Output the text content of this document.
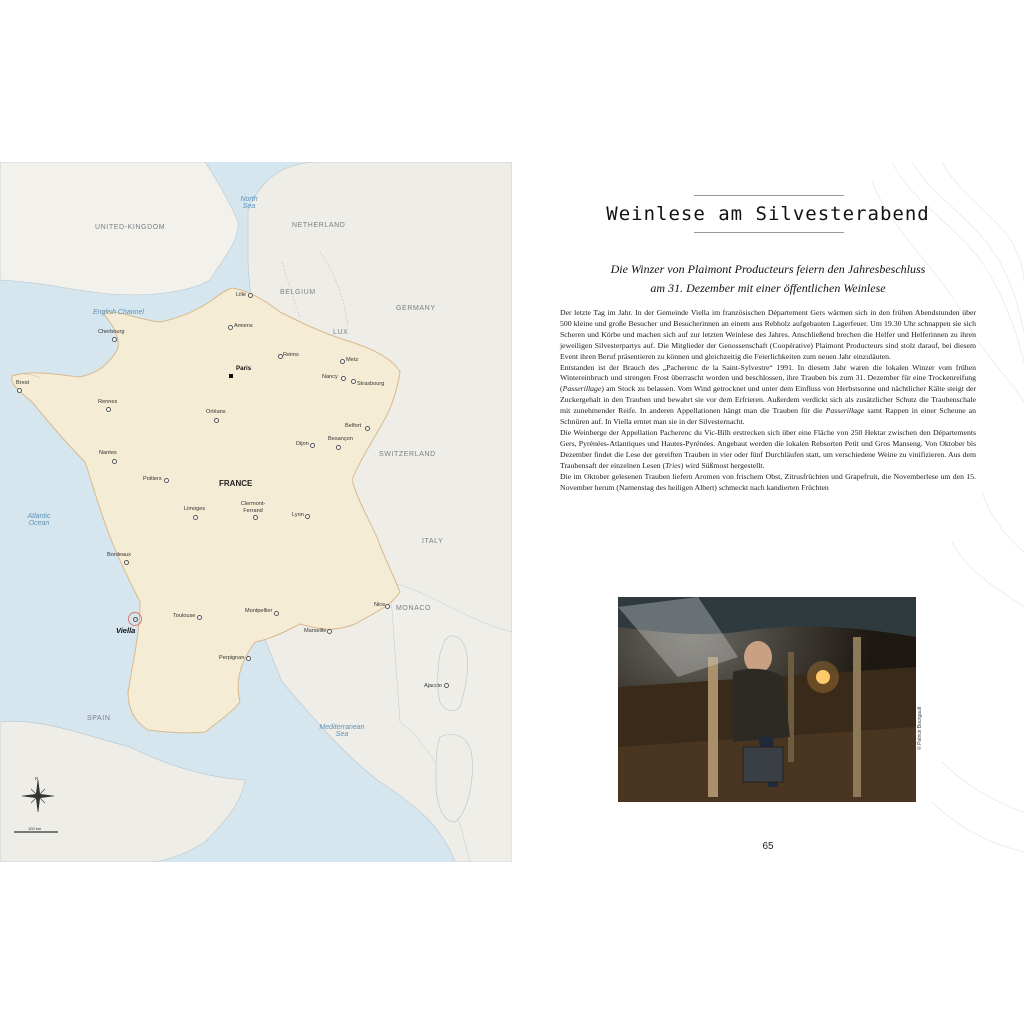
North Sea
English Channel
Atlantic Ocean
Mediterranean Sea
UNITED-KINGDOM	NETHERLAND
BELGIUM
GERMANY
LUX
SWITZERLAND
ITALY
MONACO
SPAIN
FRANCE
Lille
Amiens
Cherbourg
Reims
Metz
Paris
Nancy
Strasbourg
Brest
Rennes
Orléans
Belfort
Besançon
Dijon
Nantes
Poitiers
Clermont-Ferrand
Limoges
Lyon
Bordeaux
Nice
Toulouse
Montpellier
Marseille
Perpignan
Ajaccio
Viella
N
100 km
Weinlese am Silvesterabend
Die Winzer von Plaimont Producteurs feiern den Jahresbeschluss
am 31. Dezember mit einer öffentlichen Weinlese

Der letzte Tag im Jahr. In der Gemeinde Viella im französischen Département Gers wärmen sich in den frühen Abendstunden über 500 kleine und große Besucher und Besucherinnen an einem aus Rebholz aufgebauten Lagerfeuer. Um 19.30 Uhr schnappen sie sich Scheren und Körbe und machen sich auf zur letzten Weinlese des Jahres. Anschließend brechen die Helfer und Helferinnen zu ihren jeweiligen Silvesterpartys auf. Die Mitglieder der Genossenschaft (Coopérative) Plaimont Producteurs sind stolz darauf, bei diesem Event ihren Beruf präsentieren zu können und gleichzeitig die Feierlichkeiten zum neuen Jahr einzuläuten.

Entstanden ist der Brauch des „Pacherenc de la Saint-Sylvestre“ 1991. In diesem Jahr waren die lokalen Winzer vom frühen Wintereinbruch und strengen Frost überrascht worden und beschlossen, ihre Trauben bis zum 31. Dezember für eine Trockenreifung (Passerillage) am Stock zu belassen. Vom Wind getrocknet und unter dem Einfluss von Herbstsonne und nächtlicher Kälte steigt der Zuckergehalt in den Trauben und bewahrt sie vor dem Erfrieren. Außerdem verdickt sich als zusätzlicher Schutz die Traubenschale mit zunehmender Reife. In anderen Appellationen hängt man die Trauben für die Passerillage samt Rappen in einer Scheune an Schnüren auf. In Viella erntet man sie in der Silvesternacht.

Die Weinberge der Appellation Pacherenc du Vic-Bilh erstrecken sich über eine Fläche von 250 Hektar zwischen den Départements Gers, Pyrénées-Atlantiques und Hautes-Pyrénées. Angebaut werden die lokalen Rebsorten Petit und Gros Manseng. Von Oktober bis Dezember findet die Lese der gereiften Trauben in vier oder fünf Durchläufen statt, um verschiedene Weine zu vinifizieren. Aus dem Traubensaft der einzelnen Lesen (Tries) wird Süßmost hergestellt.

Die im Oktober gelesenen Trauben liefern Aromen von frischem Obst, Zitrusfrüchten und Grapefruit, die Novemberlese um den 15. November herum (Namenstag des heiligen Albert) schmeckt nach kandierten Früchten

© Patrick Bourgault
65
